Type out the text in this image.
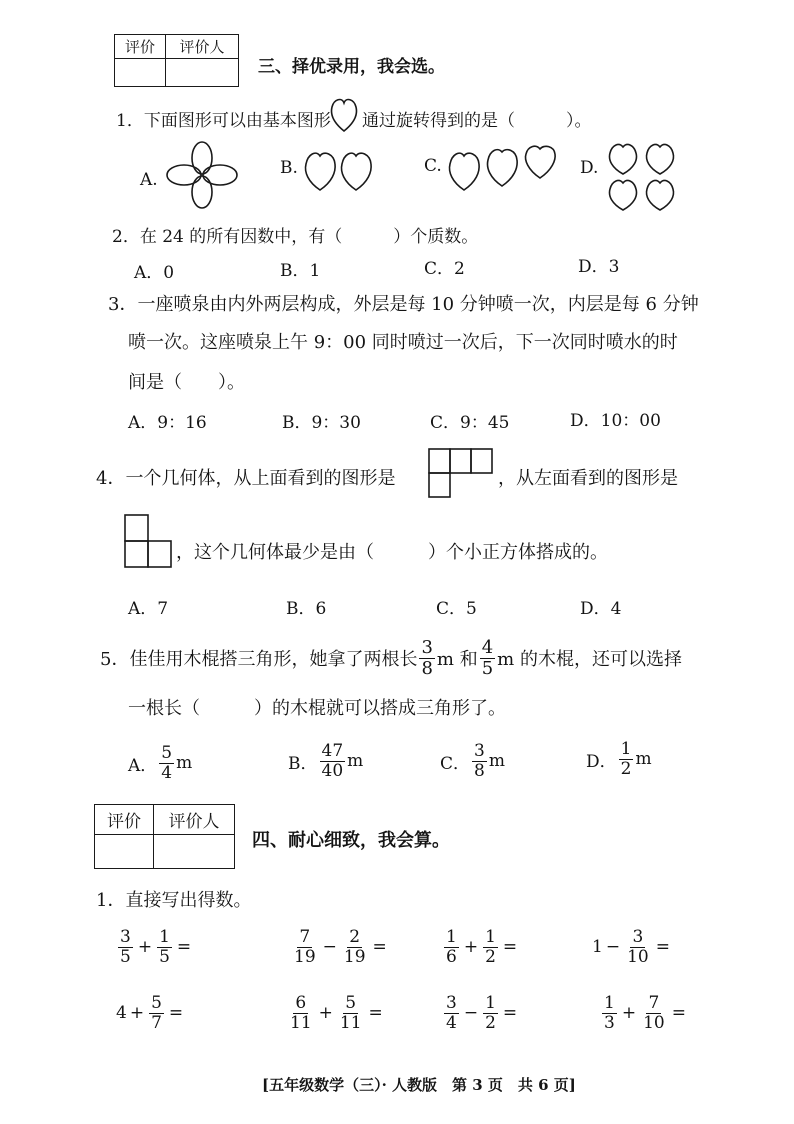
评价	评价人

三、择优录用，我会选。
1．下面图形可以由基本图形 通过旋转得到的是（　　　）。
A.
B.	C.	D.
2．在 24 的所有因数中，有（　　　）个质数。
A．0	B．1	C．2	D．3
3．一座喷泉由内外两层构成，外层是每 10 分钟喷一次，内层是每 6 分钟
喷一次。这座喷泉上午 9：00 同时喷过一次后，下一次同时喷水的时
间是（　　）。
A．9：16	B．9：30	C．9：45	D．10：00
4．一个几何体，从上面看到的图形是	，从左面看到的图形是
，这个几何体最少是由（　　　）个小正方体搭成的。
A．7	B．6	C．5	D．4
5．佳佳用木棍搭三角形，她拿了两根长 $\frac{3}{8}$ m 和 $\frac{4}{5}$ m 的木棍，还可以选择
一根长（　　　）的木棍就可以搭成三角形了。
A． $\frac{5}{4}$ m	B． $\frac{47}{40}$ m	C． $\frac{3}{8}$ m	D． $\frac{1}{2}$ m
评价	评价人

四、耐心细致，我会算。
1．直接写出得数。
$\frac{3}{5} + \frac{1}{5}$ =	$\frac{7}{19} - \frac{2}{19}$ =	$\frac{1}{6} + \frac{1}{2}$ =	$1 - \frac{3}{10}$ =
$4 + \frac{5}{7}$ =	$\frac{6}{11} + \frac{5}{11}$ =	$\frac{3}{4} - \frac{1}{2}$ =	$\frac{1}{3} + \frac{7}{10}$ =
[五年级数学（三）· 人教版　第 3 页　共 6 页]
